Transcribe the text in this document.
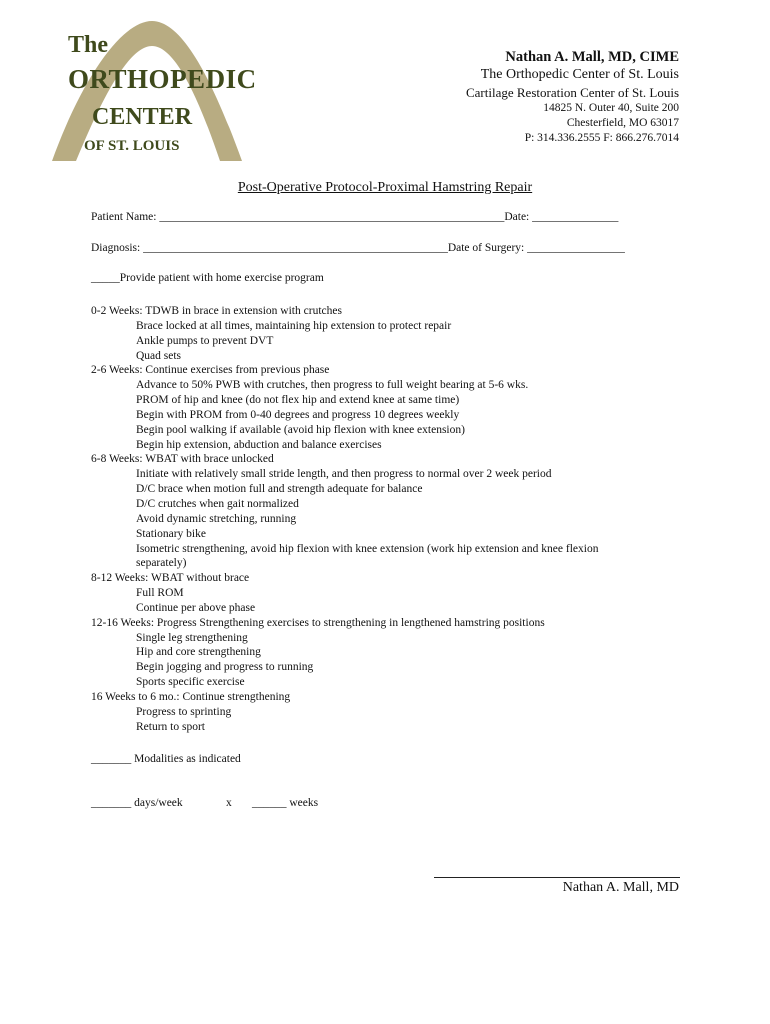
The
ORTHOPEDIC
CENTER
OF ST. LOUIS
Nathan A. Mall, MD, CIME
The Orthopedic Center of St. Louis
Cartilage Restoration Center of St. Louis
14825 N. Outer 40, Suite 200
Chesterfield, MO 63017
P: 314.336.2555 F: 866.276.7014
Post-Operative Protocol-Proximal Hamstring Repair
Patient Name: ____________________________________________________________Date: _______________
Diagnosis: _____________________________________________________Date of Surgery: _________________
_____Provide patient with home exercise program
0-2 Weeks: TDWB in brace in extension with crutches
Brace locked at all times, maintaining hip extension to protect repair
Ankle pumps to prevent DVT
Quad sets
2-6 Weeks: Continue exercises from previous phase
Advance to 50% PWB with crutches, then progress to full weight bearing at 5-6 wks.
PROM of hip and knee (do not flex hip and extend knee at same time)
Begin with PROM from 0-40 degrees and progress 10 degrees weekly
Begin pool walking if available (avoid hip flexion with knee extension)
Begin hip extension, abduction and balance exercises
6-8 Weeks: WBAT with brace unlocked
Initiate with relatively small stride length, and then progress to normal over 2 week period
D/C brace when motion full and strength adequate for balance
D/C crutches when gait normalized
Avoid dynamic stretching, running
Stationary bike
Isometric strengthening, avoid hip flexion with knee extension (work hip extension and knee flexion
separately)
8-12 Weeks: WBAT without brace
Full ROM
Continue per above phase
12-16 Weeks: Progress Strengthening exercises to strengthening in lengthened hamstring positions
Single leg strengthening
Hip and core strengthening
Begin jogging and progress to running
Sports specific exercise
16 Weeks to 6 mo.: Continue strengthening
Progress to sprinting
Return to sport
_______ Modalities as indicated
_______ days/week	x ______ weeks
Nathan A. Mall, MD
